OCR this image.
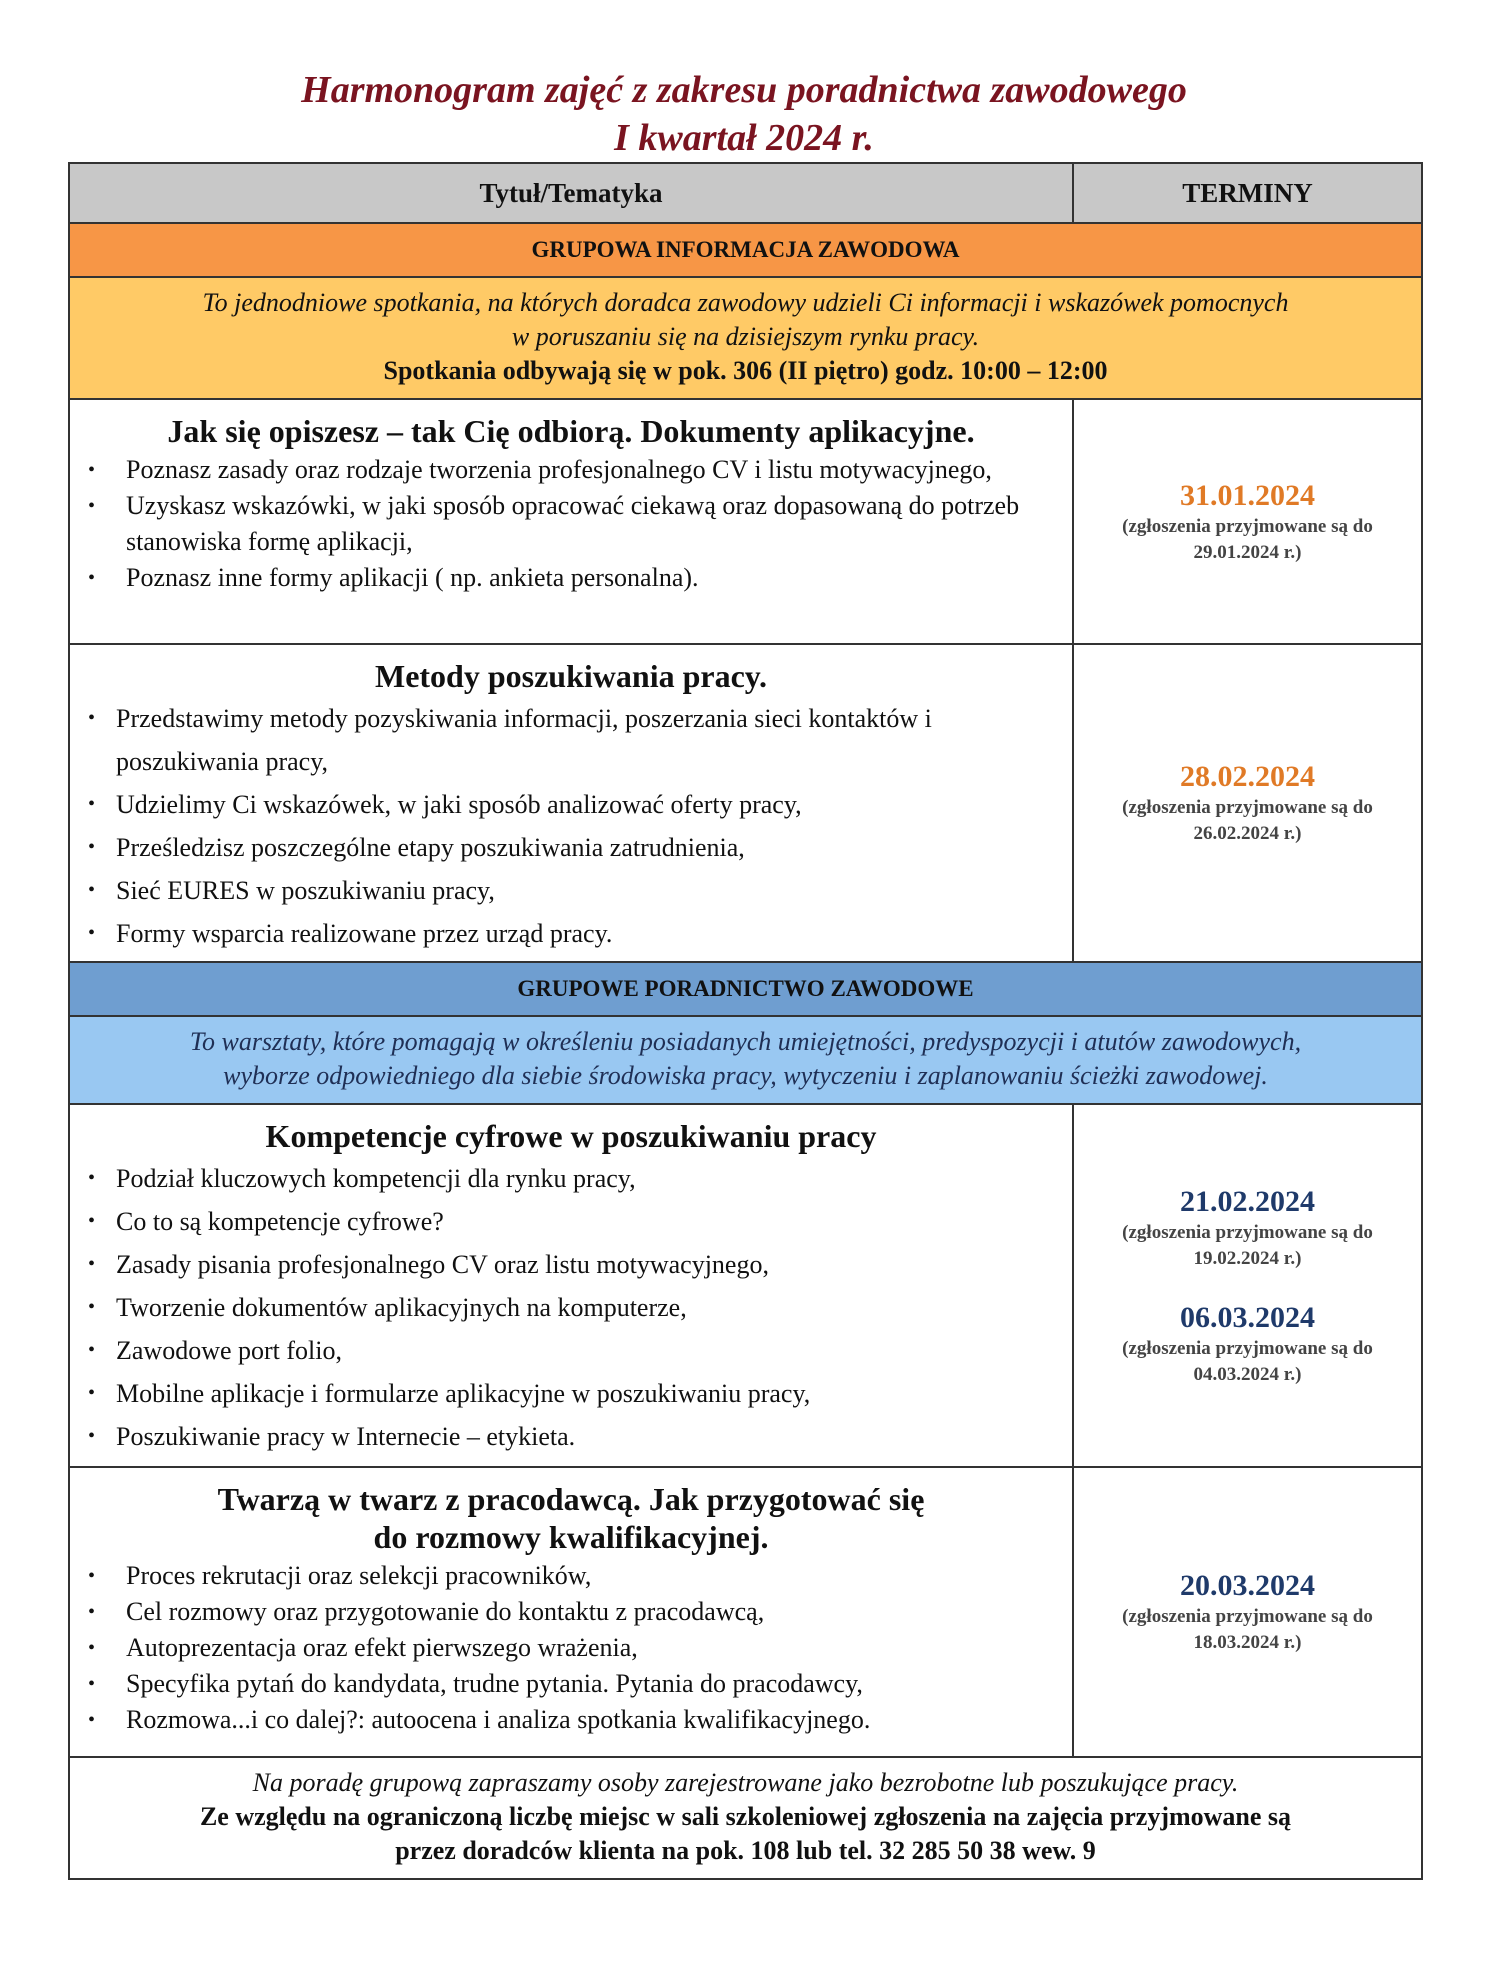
Harmonogram zajęć z zakresu poradnictwa zawodowego
I kwartał 2024 r.
Tytuł/Tematyka	TERMINY
GRUPOWA INFORMACJA ZAWODOWA
To jednodniowe spotkania, na których doradca zawodowy udzieli Ci informacji i wskazówek pomocnych
w poruszaniu się na dzisiejszym rynku pracy.
Spotkania odbywają się w pok. 306 (II piętro) godz. 10:00 – 12:00
Jak się opiszesz – tak Cię odbiorą. Dokumenty aplikacyjne.
• Poznasz zasady oraz rodzaje tworzenia profesjonalnego CV i listu motywacyjnego,
• Uzyskasz wskazówki, w jaki sposób opracować ciekawą oraz dopasowaną do potrzeb stanowiska formę aplikacji,
• Poznasz inne formy aplikacji ( np. ankieta personalna).
31.01.2024
(zgłoszenia przyjmowane są do
29.01.2024 r.)
Metody poszukiwania pracy.
• Przedstawimy metody pozyskiwania informacji, poszerzania sieci kontaktów i poszukiwania pracy,
• Udzielimy Ci wskazówek, w jaki sposób analizować oferty pracy,
• Prześledzisz poszczególne etapy poszukiwania zatrudnienia,
• Sieć EURES w poszukiwaniu pracy,
• Formy wsparcia realizowane przez urząd pracy.
28.02.2024
(zgłoszenia przyjmowane są do
26.02.2024 r.)
GRUPOWE PORADNICTWO ZAWODOWE
To warsztaty, które pomagają w określeniu posiadanych umiejętności, predyspozycji i atutów zawodowych,
wyborze odpowiedniego dla siebie środowiska pracy, wytyczeniu i zaplanowaniu ścieżki zawodowej.
Kompetencje cyfrowe w poszukiwaniu pracy
• Podział kluczowych kompetencji dla rynku pracy,
• Co to są kompetencje cyfrowe?
• Zasady pisania profesjonalnego CV oraz listu motywacyjnego,
• Tworzenie dokumentów aplikacyjnych na komputerze,
• Zawodowe port folio,
• Mobilne aplikacje i formularze aplikacyjne w poszukiwaniu pracy,
• Poszukiwanie pracy w Internecie – etykieta.
21.02.2024
(zgłoszenia przyjmowane są do
19.02.2024 r.)
06.03.2024
(zgłoszenia przyjmowane są do
04.03.2024 r.)
Twarzą w twarz z pracodawcą. Jak przygotować się
do rozmowy kwalifikacyjnej.
• Proces rekrutacji oraz selekcji pracowników,
• Cel rozmowy oraz przygotowanie do kontaktu z pracodawcą,
• Autoprezentacja oraz efekt pierwszego wrażenia,
• Specyfika pytań do kandydata, trudne pytania. Pytania do pracodawcy,
• Rozmowa...i co dalej?: autoocena i analiza spotkania kwalifikacyjnego.
20.03.2024
(zgłoszenia przyjmowane są do
18.03.2024 r.)
Na poradę grupową zapraszamy osoby zarejestrowane jako bezrobotne lub poszukujące pracy.
Ze względu na ograniczoną liczbę miejsc w sali szkoleniowej zgłoszenia na zajęcia przyjmowane są
przez doradców klienta na pok. 108 lub tel. 32 285 50 38 wew. 9
